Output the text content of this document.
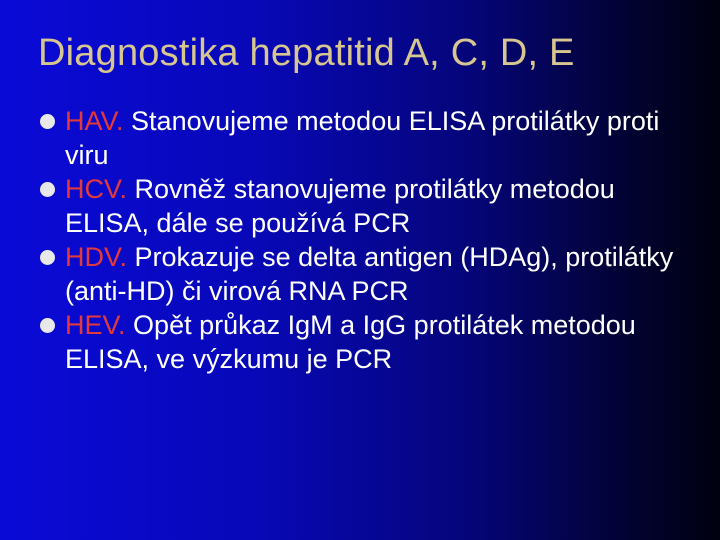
Diagnostika hepatitid A, C, D, E
HAV. Stanovujeme metodou ELISA protilátky proti viru
HCV. Rovněž stanovujeme protilátky metodou ELISA, dále se používá PCR
HDV. Prokazuje se delta antigen (HDAg), protilátky (anti-HD) či virová RNA PCR
HEV. Opět průkaz IgM a IgG protilátek metodou ELISA, ve výzkumu je PCR
